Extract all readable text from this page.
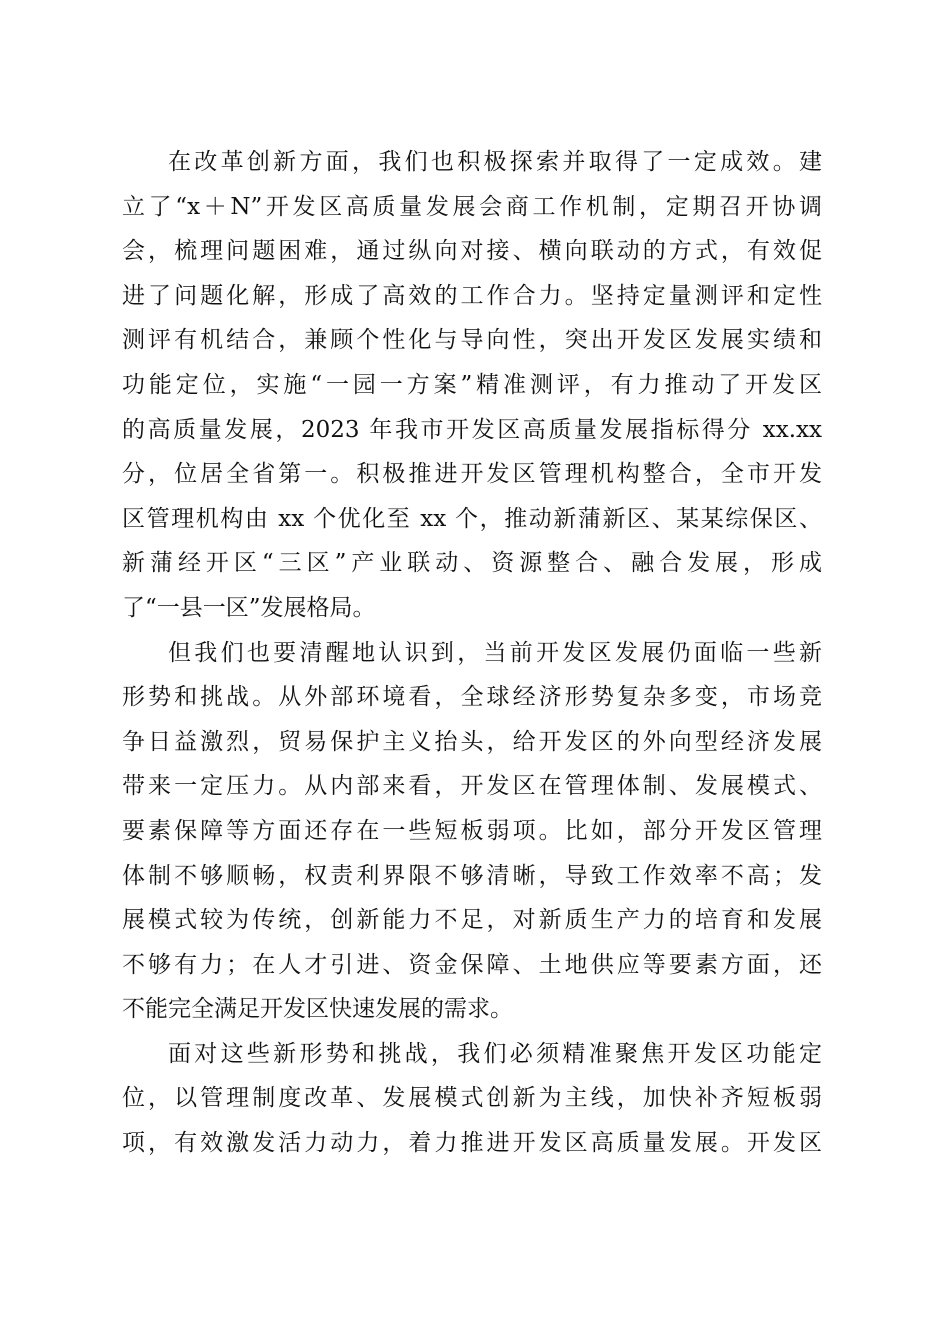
在改革创新方面，我们也积极探索并取得了一定成效。建
立了“x＋N”开发区高质量发展会商工作机制，定期召开协调
会，梳理问题困难，通过纵向对接、横向联动的方式，有效促
进了问题化解，形成了高效的工作合力。坚持定量测评和定性
测评有机结合，兼顾个性化与导向性，突出开发区发展实绩和
功能定位，实施“一园一方案”精准测评，有力推动了开发区
的高质量发展，2023 年我市开发区高质量发展指标得分 xx.xx
分，位居全省第一。积极推进开发区管理机构整合，全市开发
区管理机构由 xx 个优化至 xx 个，推动新蒲新区、某某综保区、
新蒲经开区“三区”产业联动、资源整合、融合发展，形成
了“一县一区”发展格局。
但我们也要清醒地认识到，当前开发区发展仍面临一些新
形势和挑战。从外部环境看，全球经济形势复杂多变，市场竞
争日益激烈，贸易保护主义抬头，给开发区的外向型经济发展
带来一定压力。从内部来看，开发区在管理体制、发展模式、
要素保障等方面还存在一些短板弱项。比如，部分开发区管理
体制不够顺畅，权责利界限不够清晰，导致工作效率不高；发
展模式较为传统，创新能力不足，对新质生产力的培育和发展
不够有力；在人才引进、资金保障、土地供应等要素方面，还
不能完全满足开发区快速发展的需求。
面对这些新形势和挑战，我们必须精准聚焦开发区功能定
位，以管理制度改革、发展模式创新为主线，加快补齐短板弱
项，有效激发活力动力，着力推进开发区高质量发展。开发区
